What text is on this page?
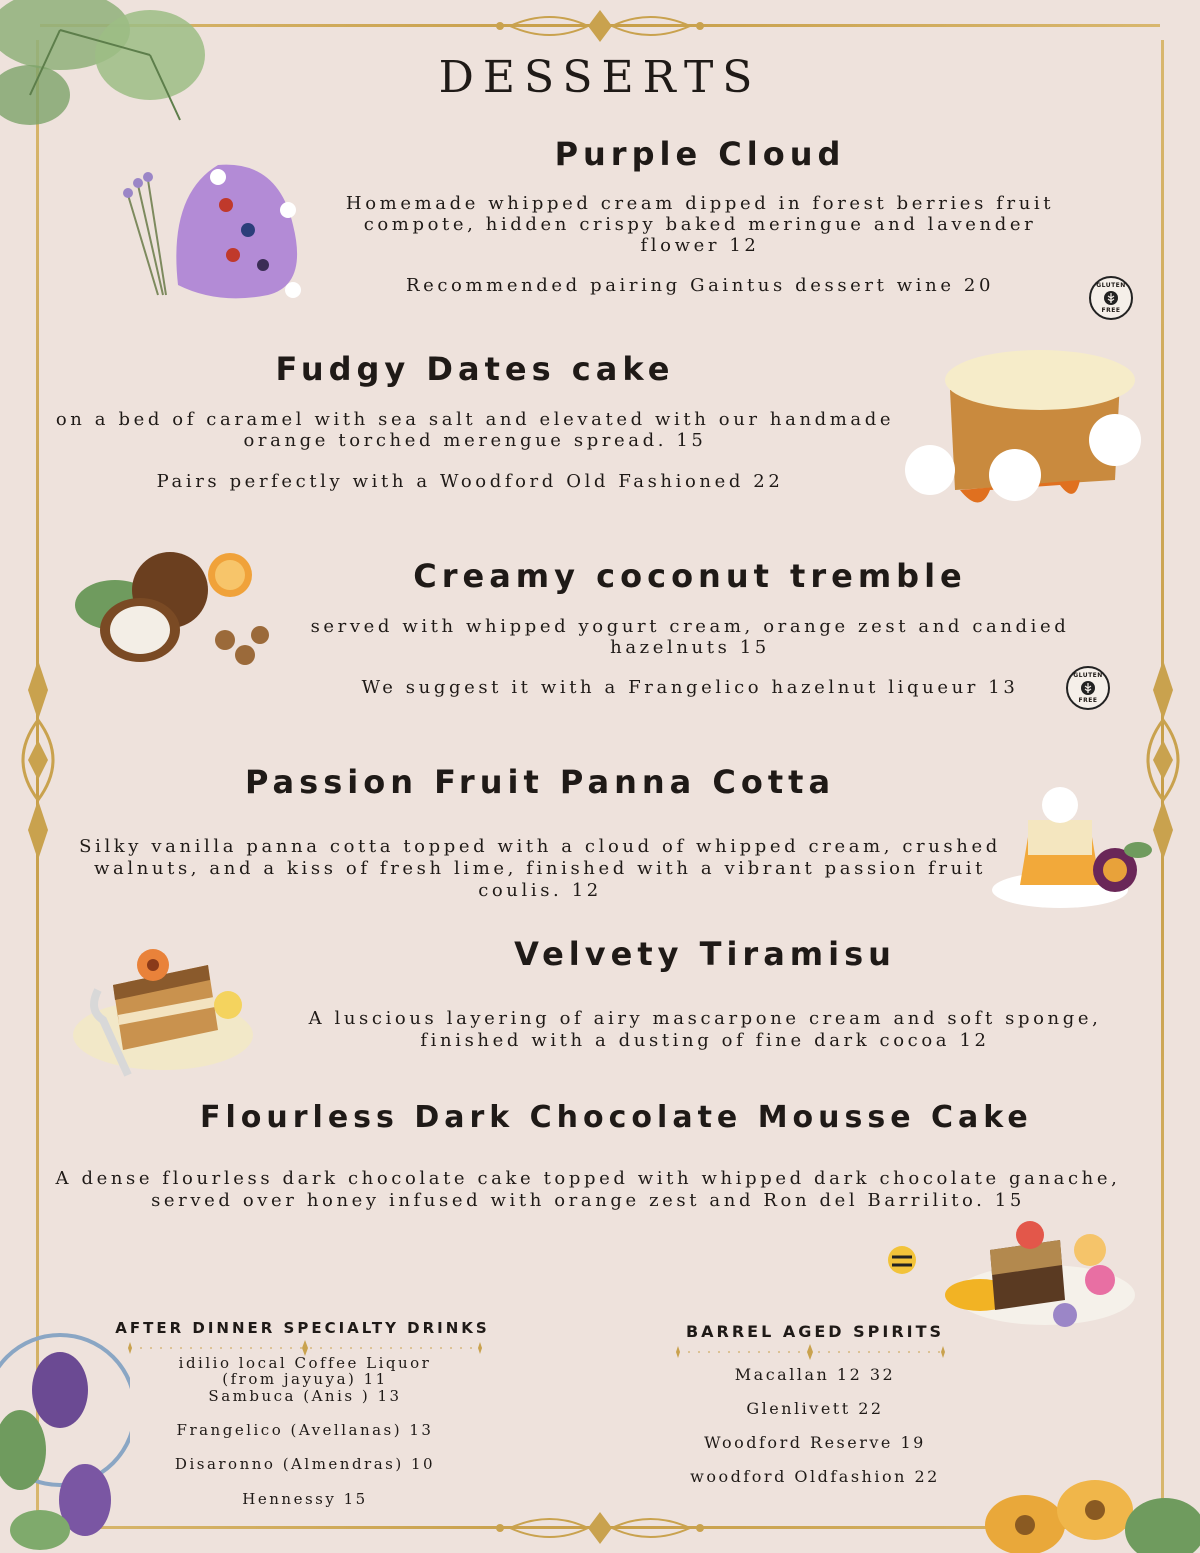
DESSERTS
Purple Cloud
Homemade whipped cream dipped in forest berries fruit compote, hidden crispy baked meringue and lavender flower 12
Recommended pairing Gaintus dessert wine 20	GLUTEN
FREE
Fudgy Dates cake
on a bed of caramel with sea salt and elevated with our handmade orange torched merengue spread. 15
Pairs perfectly with a Woodford Old Fashioned 22
Creamy coconut tremble
served with whipped yogurt cream, orange zest and candied hazelnuts 15
We suggest it with a Frangelico hazelnut liqueur 13
GLUTEN
FREE
Passion Fruit Panna Cotta
Silky vanilla panna cotta topped with a cloud of whipped cream, crushed walnuts, and a kiss of fresh lime, finished with a vibrant passion fruit coulis. 12
Velvety Tiramisu
A luscious layering of airy mascarpone cream and soft sponge, finished with a dusting of fine dark cocoa 12
Flourless Dark Chocolate Mousse Cake
A dense flourless dark chocolate cake topped with whipped dark chocolate ganache, served over honey infused with orange zest and Ron del Barrilito. 15
AFTER DINNER SPECIALTY DRINKS
idilio local Coffee Liquor (from jayuya) 11
Sambuca (Anis ) 13
Frangelico (Avellanas) 13
Disaronno (Almendras) 10
Hennessy 15
BARREL AGED SPIRITS
Macallan 12 32
Glenlivett 22
Woodford Reserve 19
woodford Oldfashion 22
